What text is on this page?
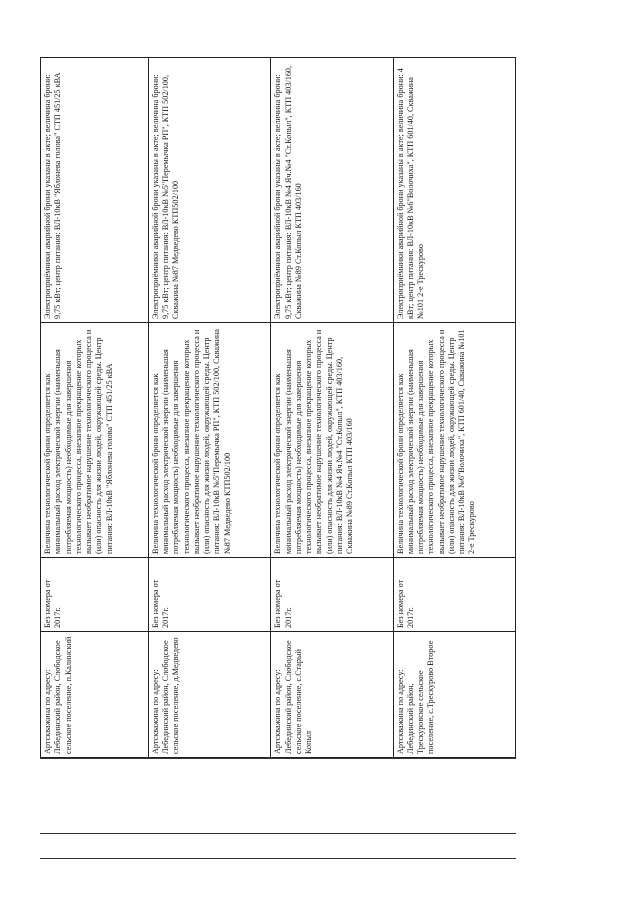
Артскважина по адресу: Лебединский район, Слободское сельское поселение, п.Калинский	Без номера от 2017г.	Величина технологической брони определяется как минимальный расход электрической энергии (наименьшая потребляемая мощность) необходимые для завершения технологического процесса, внезапное прекращение которых вызывает необратимое нарушение технологического процесса и (или) опасность для жизни людей, окружающей среды. Центр питания: ВЛ-10кВ "Яблонева голова" СТП 451/25 кВА	Электроприёмники аварийной брони указаны в акте; величина брони: 9,75 кВт; центр питания: ВЛ-10кВ "Яблонева голова" СТП 451/25 кВА
Артскважина по адресу: Лебединский район, Слободское сельское поселение, д.Медведево	Без номера от 2017г.	Величина технологической брони определяется как минимальный расход электрической энергии (наименьшая потребляемая мощность) необходимые для завершения технологического процесса, внезапное прекращение которых вызывает необратимое нарушение технологического процесса и (или) опасность для жизни людей, окружающей среды. Центр питания: ВЛ-10кВ №5"Перемычка РП", КТП 502/100, Скважина №87 Медведево КТП502/100	Электроприёмники аварийной брони указаны в акте; величина брони: 9,75 кВт; центр питания: ВЛ-10кВ №5"Перемычка РП", КТП 502/100, Скважина №87 Медведево КТП502/100
Артскважина по адресу: Лебединский район, Слободское сельское поселение, с.Старый Копыл	Без номера от 2017г.	Величина технологической брони определяется как минимальный расход электрической энергии (наименьшая потребляемая мощность) необходимые для завершения технологического процесса, внезапное прекращение которых вызывает необратимое нарушение технологического процесса и (или) опасность для жизни людей, окружающей среды. Центр питания: ВЛ-10кВ №4 Яч.№4 "Ст.Копыл", КТП 403/160, Скважина №89 Ст.Копыл КТП 403/160	Электроприёмники аварийной брони указаны в акте; величина брони: 9,75 кВт; центр питания: ВЛ-10кВ №4 Яч.№4 "Ст.Копыл", КТП 403/160, Скважина №89 Ст.Копыл КТП 403/160
Артскважина по адресу: Лебединский район, Трескуровское сельское поселение, с.Трескурово Второе	Без номера от 2017г.	Величина технологической брони определяется как минимальный расход электрической энергии (наименьшая потребляемая мощность) необходимые для завершения технологического процесса, внезапное прекращение которых вызывает необратимое нарушение технологического процесса и (или) опасность для жизни людей, окружающей среды. Центр питания: ВЛ-10кВ №6"Волочиха", КТП 601/40, Скважина №101 2-е Трескурово	Электроприёмники аварийной брони указаны в акте; величина брони: 4 кВт; центр питания: ВЛ-10кВ №6"Волочиха", КТП 601/40, Скважина №101 2-е Трескурово
